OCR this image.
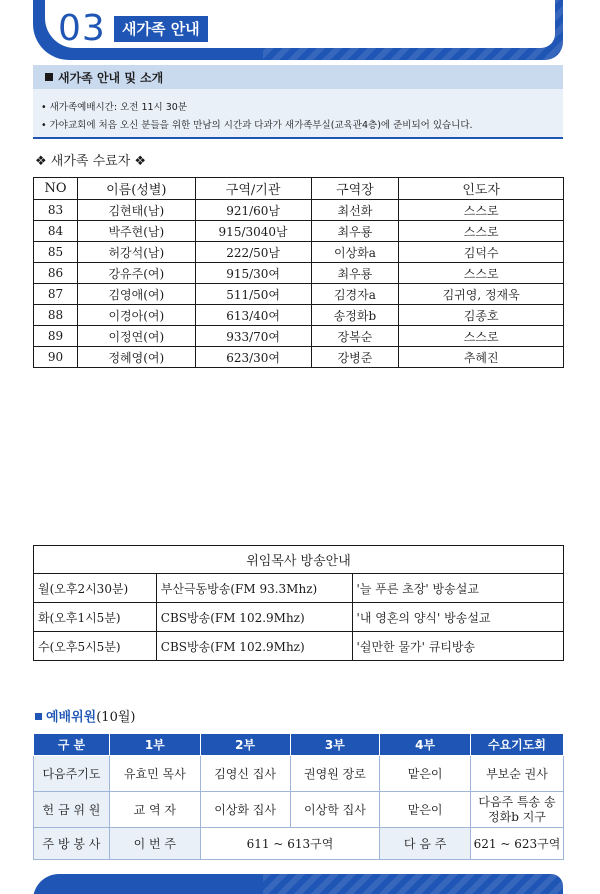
03	새가족 안내
새가족 안내 및 소개
• 새가족예배시간: 오전 11시 30분
• 가야교회에 처음 오신 분들을 위한 만남의 시간과 다과가 새가족부실(교육관4층)에 준비되어 있습니다.
❖ 새가족 수료자 ❖
NO	이름(성별)	구역/기관	구역장	인도자
83	김현태(남)	921/60남	최선화	스스로
84	박주현(남)	915/3040남	최우룡	스스로
85	허강석(남)	222/50남	이상화a	김덕수
86	강유주(여)	915/30여	최우룡	스스로
87	김영애(여)	511/50여	김경자a	김귀영, 정재욱
88	이경아(여)	613/40여	송정화b	김종호
89	이정연(여)	933/70여	장복순	스스로
90	정혜영(여)	623/30여	강병준	추혜진
위임목사 방송안내		
월(오후2시30분)	부산극동방송(FM 93.3Mhz)	'늘 푸른 초장' 방송설교
화(오후1시5분)	CBS방송(FM 102.9Mhz)	'내 영혼의 양식' 방송설교
수(오후5시5분)	CBS방송(FM 102.9Mhz)	'쉴만한 물가' 큐티방송
예배위원(10월)
구 분	1부	2부	3부	4부	수요기도회
다음주기도	유효민 목사	김영신 집사	권영원 장로	맡은이	부보순 권사
헌 금 위 원	교 역 자	이상화 집사	이상학 집사	맡은이	다음주 특송 송정화b 지구
주 방 봉 사	이 번 주	611 ~ 613구역		다 음 주	621 ~ 623구역
